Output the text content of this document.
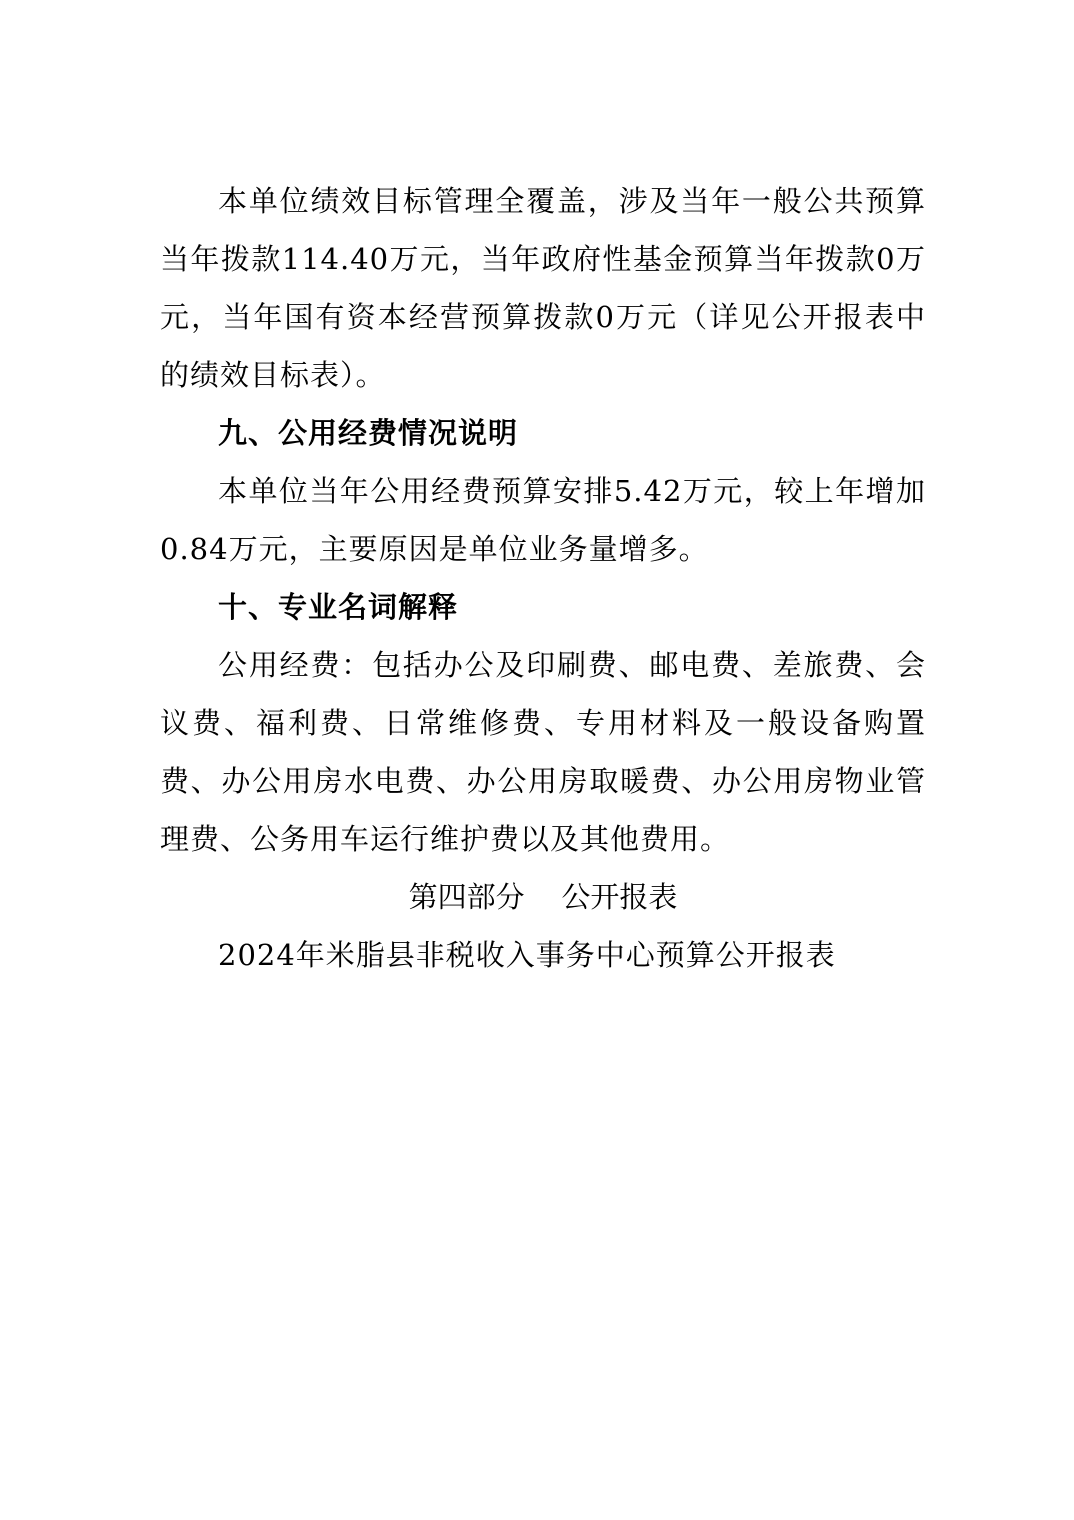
本单位绩效目标管理全覆盖，涉及当年一般公共预算当年拨款114.40万元，当年政府性基金预算当年拨款0万元，当年国有资本经营预算拨款0万元（详见公开报表中的绩效目标表）。

九、公用经费情况说明

本单位当年公用经费预算安排5.42万元，较上年增加0.84万元，主要原因是单位业务量增多。

十、专业名词解释

公用经费：包括办公及印刷费、邮电费、差旅费、会议费、福利费、日常维修费、专用材料及一般设备购置费、办公用房水电费、办公用房取暖费、办公用房物业管理费、公务用车运行维护费以及其他费用。

第四部分    公开报表

2024年米脂县非税收入事务中心预算公开报表
